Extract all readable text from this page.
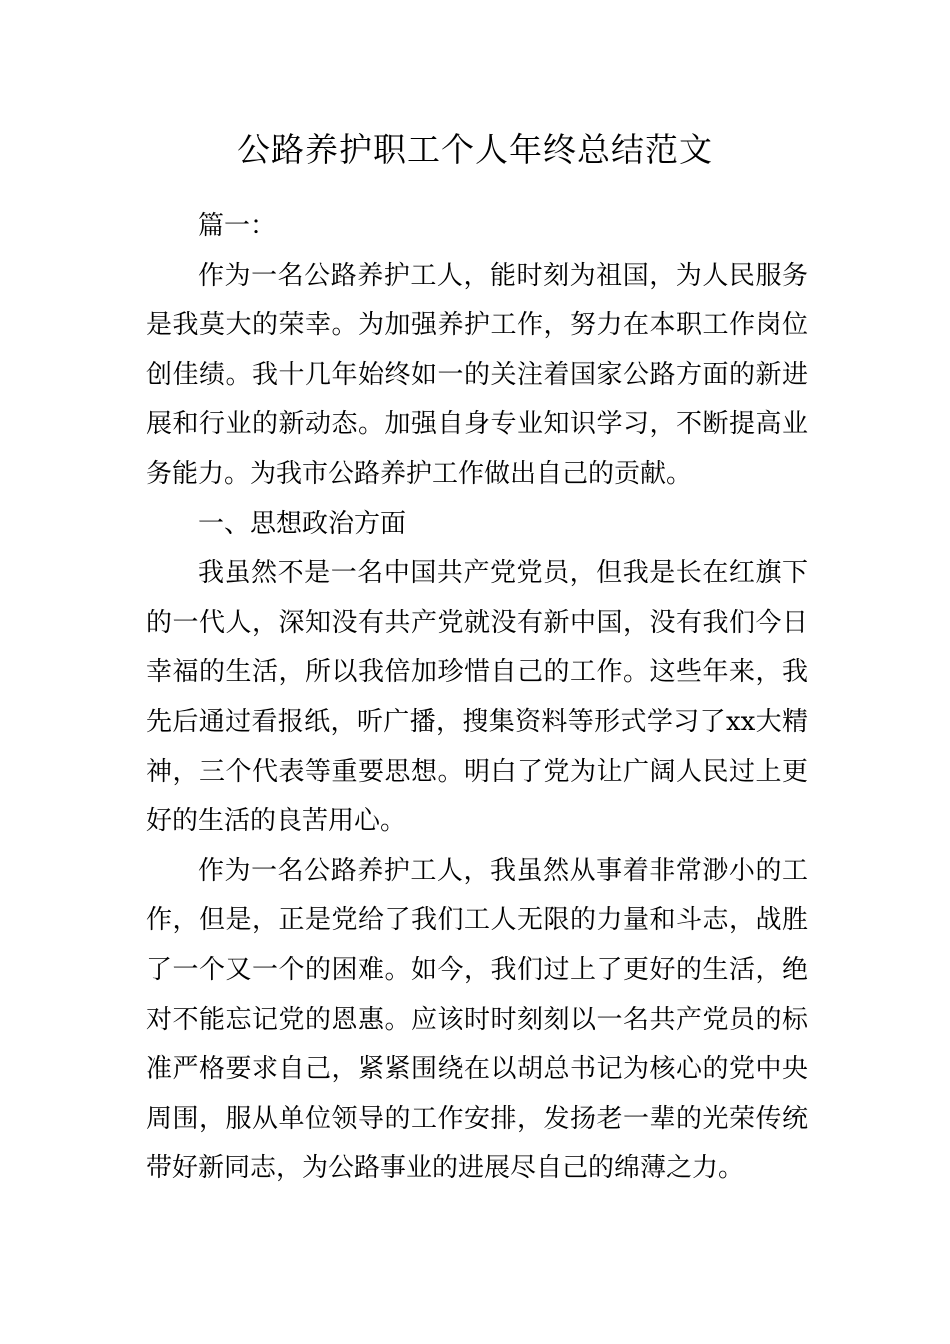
公路养护职工个人年终总结范文

篇一：

作为一名公路养护工人，能时刻为祖国，为人民服务是我莫大的荣幸。为加强养护工作，努力在本职工作岗位创佳绩。我十几年始终如一的关注着国家公路方面的新进展和行业的新动态。加强自身专业知识学习，不断提高业务能力。为我市公路养护工作做出自己的贡献。

一、思想政治方面

我虽然不是一名中国共产党党员，但我是长在红旗下的一代人，深知没有共产党就没有新中国，没有我们今日幸福的生活，所以我倍加珍惜自己的工作。这些年来，我先后通过看报纸，听广播，搜集资料等形式学习了xx大精神，三个代表等重要思想。明白了党为让广阔人民过上更好的生活的良苦用心。

作为一名公路养护工人，我虽然从事着非常渺小的工作，但是，正是党给了我们工人无限的力量和斗志，战胜了一个又一个的困难。如今，我们过上了更好的生活，绝对不能忘记党的恩惠。应该时时刻刻以一名共产党员的标准严格要求自己，紧紧围绕在以胡总书记为核心的党中央周围，服从单位领导的工作安排，发扬老一辈的光荣传统带好新同志，为公路事业的进展尽自己的绵薄之力。
